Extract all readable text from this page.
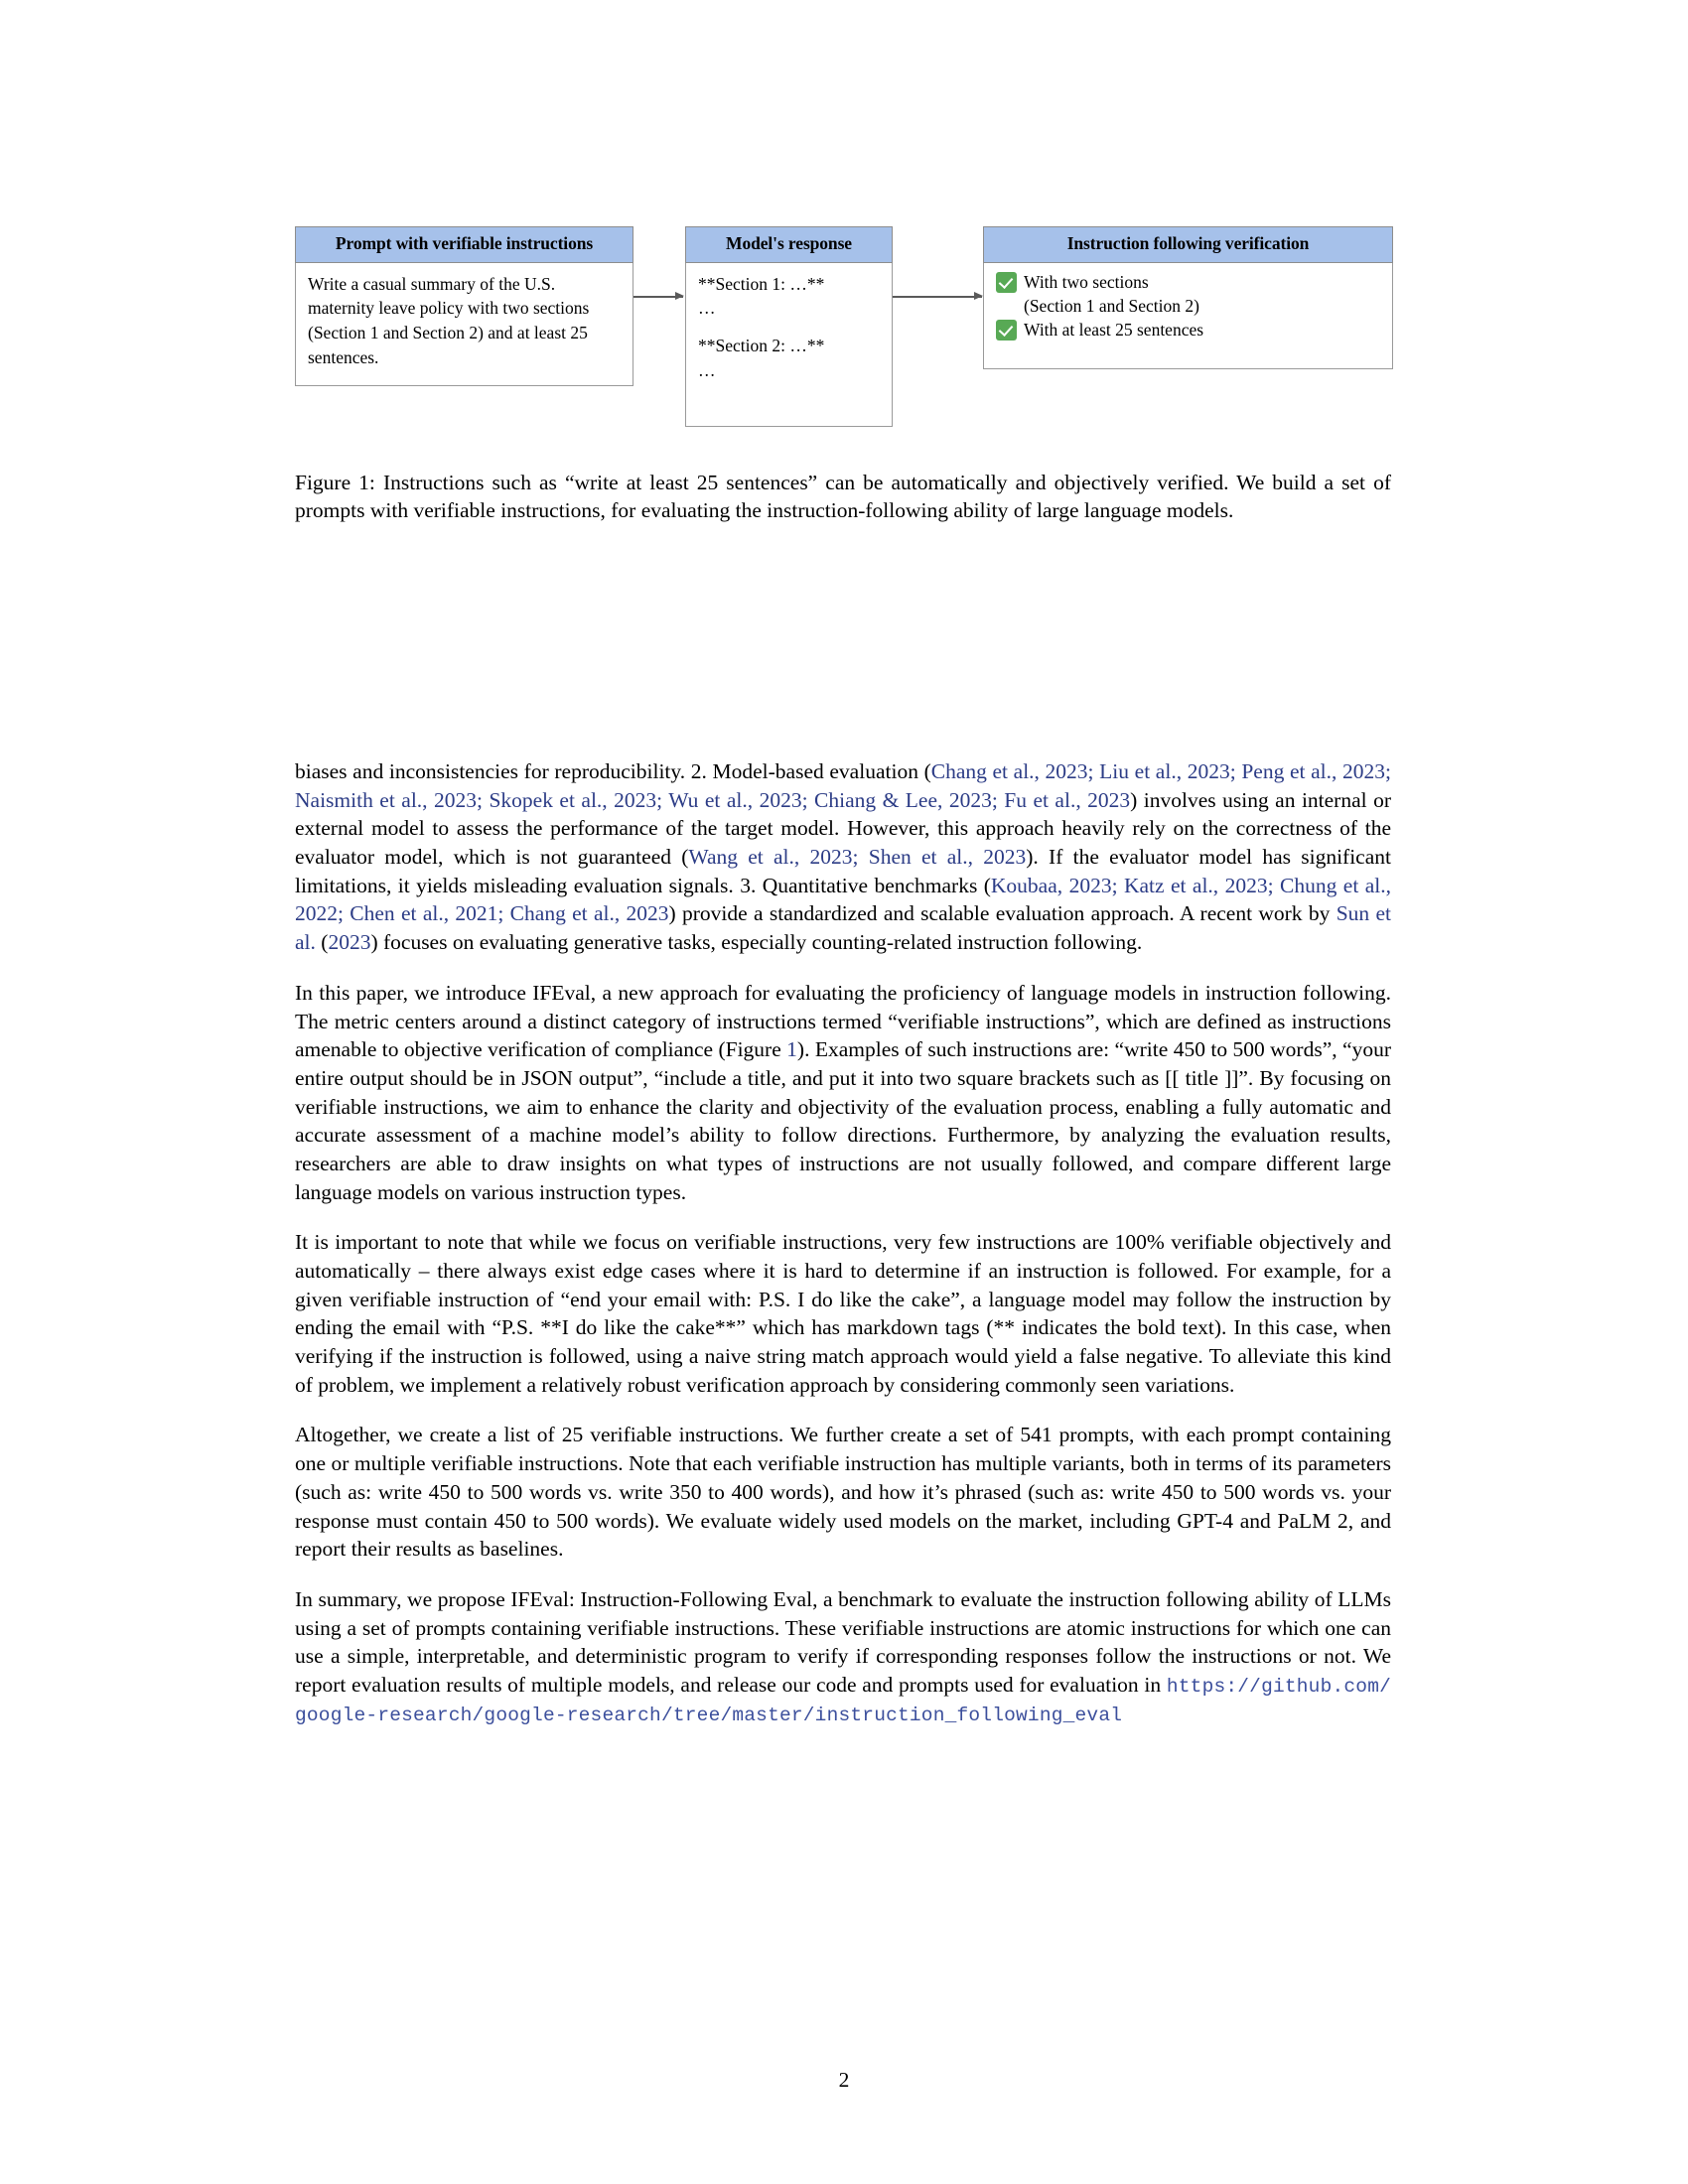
Prompt with verifiable instructions
Write a casual summary of the U.S. maternity leave policy with two sections (Section 1 and Section 2) and at least 25 sentences.
Model's response
**Section 1: …**
…
**Section 2: …**
…
Instruction following verification
With two sections
(Section 1 and Section 2)
With at least 25 sentences
Figure 1: Instructions such as “write at least 25 sentences” can be automatically and objectively verified. We build a set of prompts with verifiable instructions, for evaluating the instruction-following ability of large language models.

biases and inconsistencies for reproducibility. 2. Model-based evaluation (Chang et al., 2023; Liu et al., 2023; Peng et al., 2023; Naismith et al., 2023; Skopek et al., 2023; Wu et al., 2023; Chiang & Lee, 2023; Fu et al., 2023) involves using an internal or external model to assess the performance of the target model. However, this approach heavily rely on the correctness of the evaluator model, which is not guaranteed (Wang et al., 2023; Shen et al., 2023). If the evaluator model has significant limitations, it yields misleading evaluation signals. 3. Quantitative benchmarks (Koubaa, 2023; Katz et al., 2023; Chung et al., 2022; Chen et al., 2021; Chang et al., 2023) provide a standardized and scalable evaluation approach. A recent work by Sun et al. (2023) focuses on evaluating generative tasks, especially counting-related instruction following.

In this paper, we introduce IFEval, a new approach for evaluating the proficiency of language models in instruction following. The metric centers around a distinct category of instructions termed “verifiable instructions”, which are defined as instructions amenable to objective verification of compliance (Figure 1). Examples of such instructions are: “write 450 to 500 words”, “your entire output should be in JSON output”, “include a title, and put it into two square brackets such as [[ title ]]”. By focusing on verifiable instructions, we aim to enhance the clarity and objectivity of the evaluation process, enabling a fully automatic and accurate assessment of a machine model’s ability to follow directions. Furthermore, by analyzing the evaluation results, researchers are able to draw insights on what types of instructions are not usually followed, and compare different large language models on various instruction types.

It is important to note that while we focus on verifiable instructions, very few instructions are 100% verifiable objectively and automatically – there always exist edge cases where it is hard to determine if an instruction is followed. For example, for a given verifiable instruction of “end your email with: P.S. I do like the cake”, a language model may follow the instruction by ending the email with “P.S. **I do like the cake**” which has markdown tags (** indicates the bold text). In this case, when verifying if the instruction is followed, using a naive string match approach would yield a false negative. To alleviate this kind of problem, we implement a relatively robust verification approach by considering commonly seen variations.

Altogether, we create a list of 25 verifiable instructions. We further create a set of 541 prompts, with each prompt containing one or multiple verifiable instructions. Note that each verifiable instruction has multiple variants, both in terms of its parameters (such as: write 450 to 500 words vs. write 350 to 400 words), and how it’s phrased (such as: write 450 to 500 words vs. your response must contain 450 to 500 words). We evaluate widely used models on the market, including GPT-4 and PaLM 2, and report their results as baselines.

In summary, we propose IFEval: Instruction-Following Eval, a benchmark to evaluate the instruction following ability of LLMs using a set of prompts containing verifiable instructions. These verifiable instructions are atomic instructions for which one can use a simple, interpretable, and deterministic program to verify if corresponding responses follow the instructions or not. We report evaluation results of multiple models, and release our code and prompts used for evaluation in https://github.com/google-research/google-research/tree/master/instruction_following_eval

2
